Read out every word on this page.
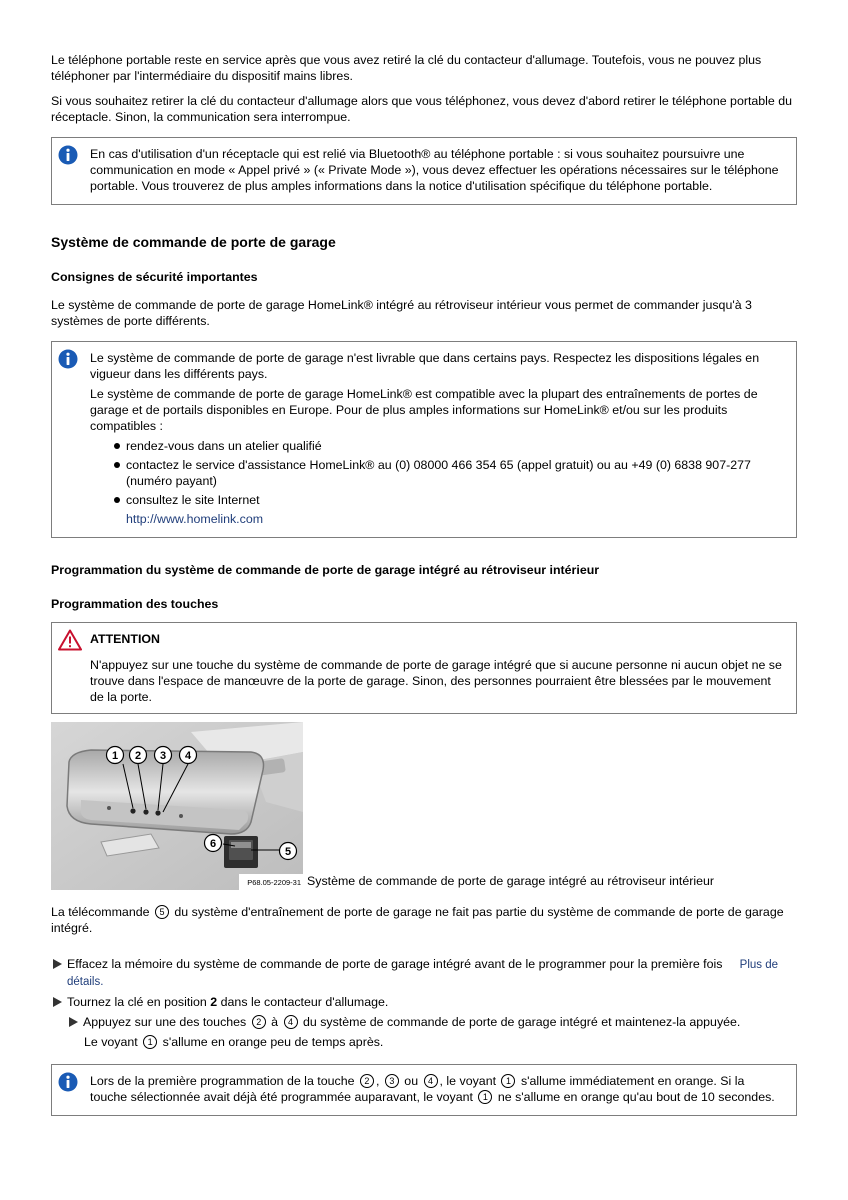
Le téléphone portable reste en service après que vous avez retiré la clé du contacteur d'allumage. Toutefois, vous ne pouvez plus téléphoner par l'intermédiaire du dispositif mains libres.

Si vous souhaitez retirer la clé du contacteur d'allumage alors que vous téléphonez, vous devez d'abord retirer le téléphone portable du réceptacle. Sinon, la communication sera interrompue.

En cas d'utilisation d'un réceptacle qui est relié via Bluetooth® au téléphone portable : si vous souhaitez poursuivre une communication en mode « Appel privé » (« Private Mode »), vous devez effectuer les opérations nécessaires sur le téléphone portable. Vous trouverez de plus amples informations dans la notice d'utilisation spécifique du téléphone portable.

Système de commande de porte de garage
Consignes de sécurité importantes

Le système de commande de porte de garage HomeLink® intégré au rétroviseur intérieur vous permet de commander jusqu'à 3 systèmes de porte différents.

Le système de commande de porte de garage n'est livrable que dans certains pays. Respectez les dispositions légales en vigueur dans les différents pays.

Le système de commande de porte de garage HomeLink® est compatible avec la plupart des entraînements de portes de garage et de portails disponibles en Europe. Pour de plus amples informations sur HomeLink® et/ou sur les produits compatibles :

rendez-vous dans un atelier qualifié
contactez le service d'assistance HomeLink® au (0) 08000 466 354 65 (appel gratuit) ou au +49 (0) 6838 907-277 (numéro payant)
consultez le site Internet

http://www.homelink.com

Programmation du système de commande de porte de garage intégré au rétroviseur intérieur
Programmation des touches

ATTENTION

N'appuyez sur une touche du système de commande de porte de garage intégré que si aucune personne ni aucun objet ne se trouve dans l'espace de manœuvre de la porte de garage. Sinon, des personnes pourraient être blessées par le mouvement de la porte.

1 2 3 4
5
6
P68.05-2209-31 Système de commande de porte de garage intégré au rétroviseur intérieur

La télécommande 5 du système d'entraînement de porte de garage ne fait pas partie du système de commande de porte de garage intégré.

Effacez la mémoire du système de commande de porte de garage intégré avant de le programmer pour la première fois Plus de détails.
Tournez la clé en position 2 dans le contacteur d'allumage.
Appuyez sur une des touches 2 à 4 du système de commande de porte de garage intégré et maintenez-la appuyée.

Le voyant 1 s'allume en orange peu de temps après.

Lors de la première programmation de la touche 2 , 3 ou 4 , le voyant 1 s'allume immédiatement en orange. Si la touche sélectionnée avait déjà été programmée auparavant, le voyant 1 ne s'allume en orange qu'au bout de 10 secondes.
